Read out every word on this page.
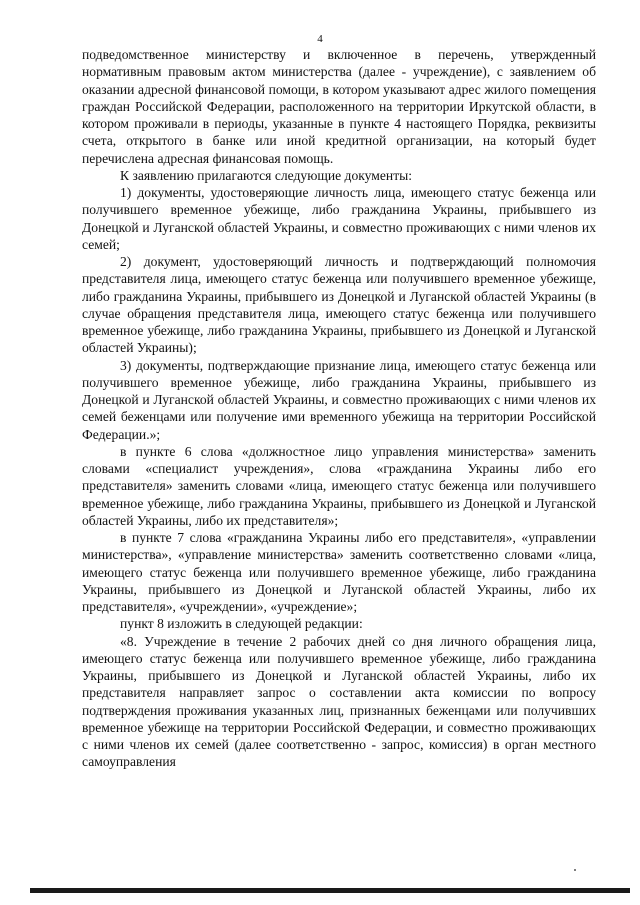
4

подведомственное министерству и включенное в перечень, утвержденный нормативным правовым актом министерства (далее - учреждение), с заявлением об оказании адресной финансовой помощи, в котором указывают адрес жилого помещения граждан Российской Федерации, расположенного на территории Иркутской области, в котором проживали в периоды, указанные в пункте 4 настоящего Порядка, реквизиты счета, открытого в банке или иной кредитной организации, на который будет перечислена адресная финансовая помощь.

К заявлению прилагаются следующие документы:

1) документы, удостоверяющие личность лица, имеющего статус беженца или получившего временное убежище, либо гражданина Украины, прибывшего из Донецкой и Луганской областей Украины, и совместно проживающих с ними членов их семей;

2) документ, удостоверяющий личность и подтверждающий полномочия представителя лица, имеющего статус беженца или получившего временное убежище, либо гражданина Украины, прибывшего из Донецкой и Луганской областей Украины (в случае обращения представителя лица, имеющего статус беженца или получившего временное убежище, либо гражданина Украины, прибывшего из Донецкой и Луганской областей Украины);

3) документы, подтверждающие признание лица, имеющего статус беженца или получившего временное убежище, либо гражданина Украины, прибывшего из Донецкой и Луганской областей Украины, и совместно проживающих с ними членов их семей беженцами или получение ими временного убежища на территории Российской Федерации.»;

в пункте 6 слова «должностное лицо управления министерства» заменить словами «специалист учреждения», слова «гражданина Украины либо его представителя» заменить словами «лица, имеющего статус беженца или получившего временное убежище, либо гражданина Украины, прибывшего из Донецкой и Луганской областей Украины, либо их представителя»;

в пункте 7 слова «гражданина Украины либо его представителя», «управлении министерства», «управление министерства» заменить соответственно словами «лица, имеющего статус беженца или получившего временное убежище, либо гражданина Украины, прибывшего из Донецкой и Луганской областей Украины, либо их представителя», «учреждении», «учреждение»;

пункт 8 изложить в следующей редакции:

«8. Учреждение в течение 2 рабочих дней со дня личного обращения лица, имеющего статус беженца или получившего временное убежище, либо гражданина Украины, прибывшего из Донецкой и Луганской областей Украины, либо их представителя направляет запрос о составлении акта комиссии по вопросу подтверждения проживания указанных лиц, признанных беженцами или получивших временное убежище на территории Российской Федерации, и совместно проживающих с ними членов их семей (далее соответственно - запрос, комиссия) в орган местного самоуправления
